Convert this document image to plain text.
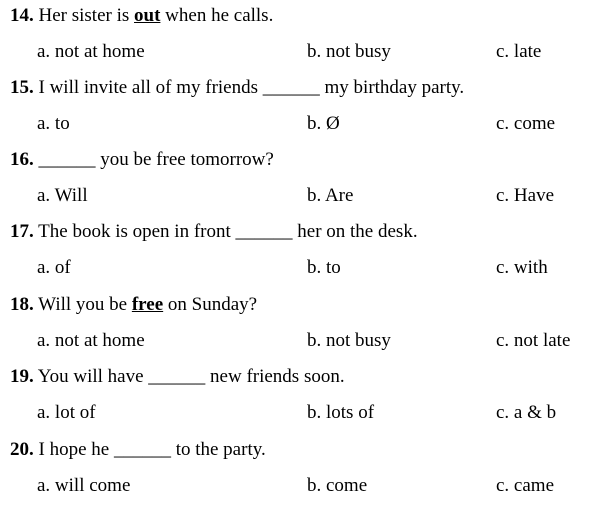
14. Her sister is out when he calls.
a. not at home	b. not busy	c. late
15. I will invite all of my friends ______ my birthday party.
a. to	b. Ø	c. come
16. ______ you be free tomorrow?
a. Will	b. Are	c. Have
17. The book is open in front ______ her on the desk.
a. of	b. to	c. with
18. Will you be free on Sunday?
a. not at home	b. not busy	c. not late
19. You will have ______ new friends soon.
a. lot of	b. lots of	c. a & b
20. I hope he ______ to the party.
a. will come	b. come	c. came
